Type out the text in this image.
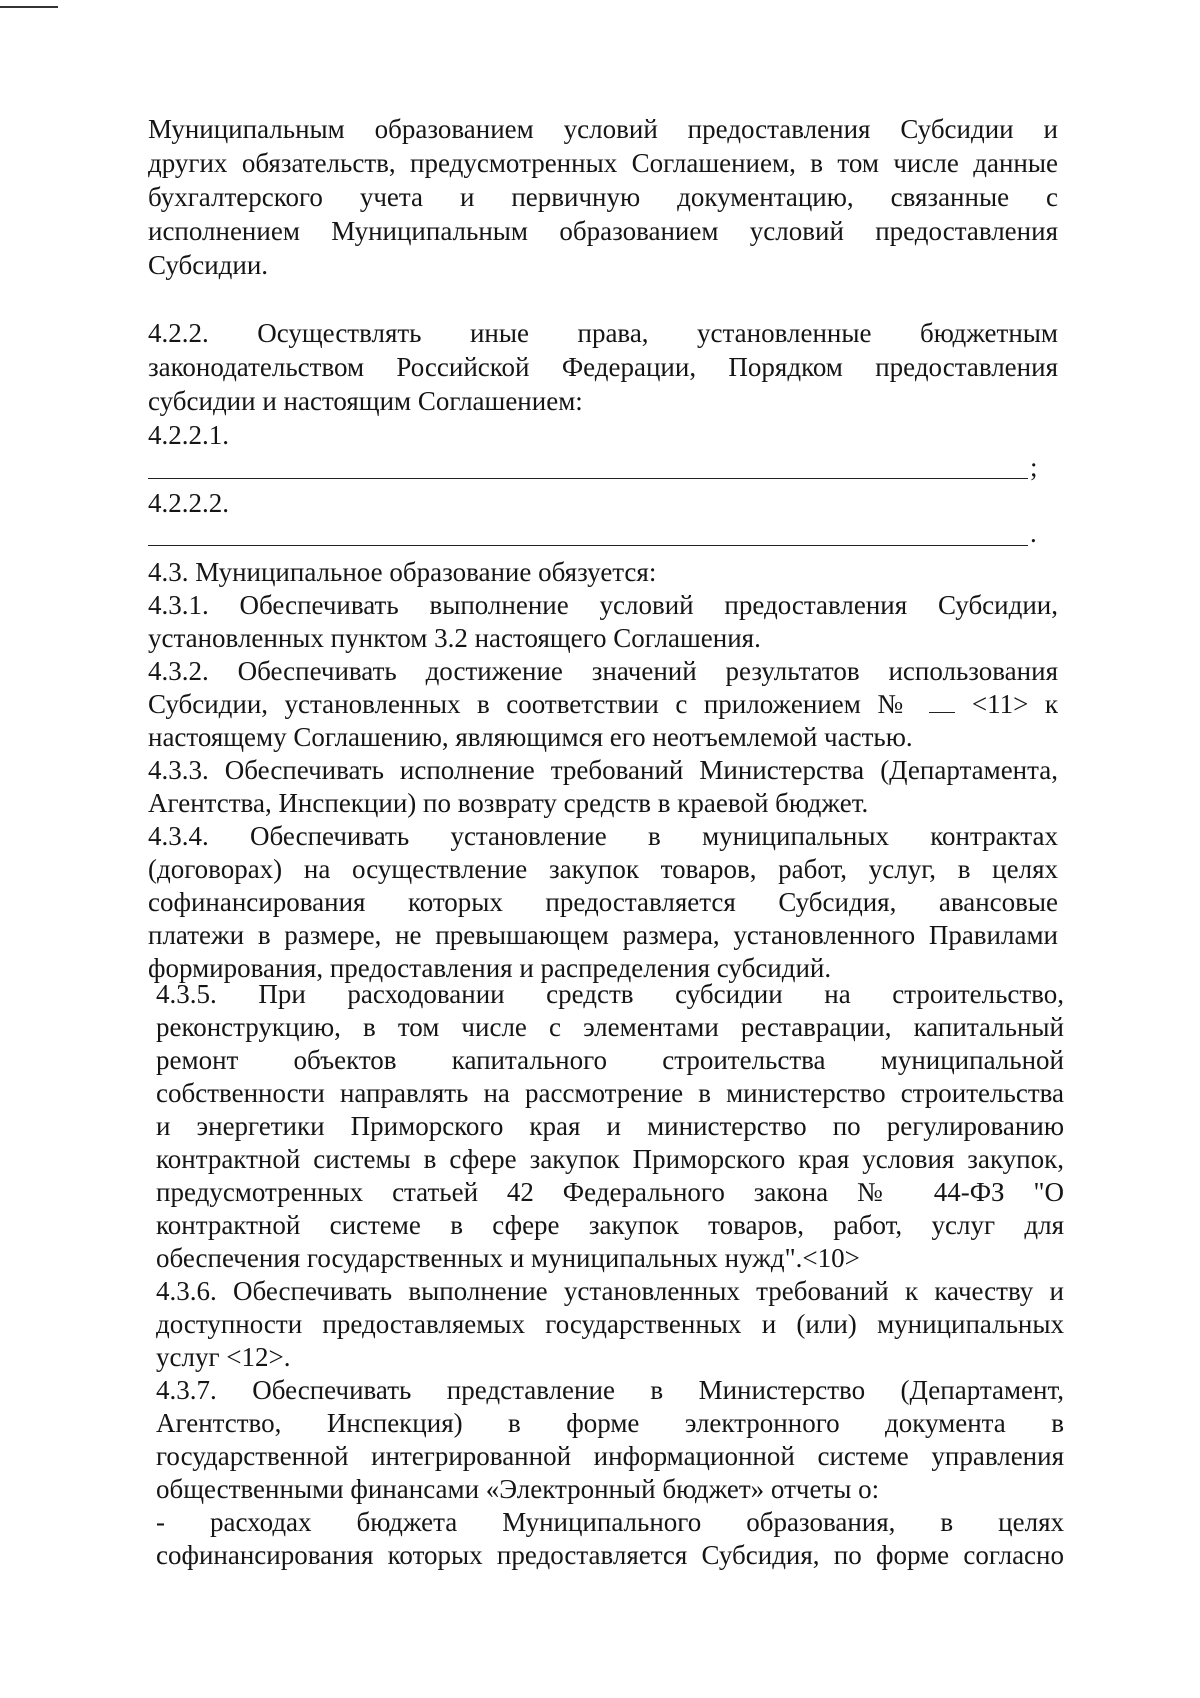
Муниципальным образованием условий предоставления Субсидии и
других обязательств, предусмотренных Соглашением, в том числе данные
бухгалтерского учета и первичную документацию, связанные с
исполнением Муниципальным образованием условий предоставления
Субсидии.
4.2.2. Осуществлять иные права, установленные бюджетным
законодательством Российской Федерации, Порядком предоставления
субсидии и настоящим Соглашением:
4.2.2.1.
;
4.2.2.2.
.
4.3. Муниципальное образование обязуется:
4.3.1. Обеспечивать выполнение условий предоставления Субсидии,
установленных пунктом 3.2 настоящего Соглашения.
4.3.2. Обеспечивать достижение значений результатов использования
Субсидии, установленных в соответствии с приложением № <11> к
настоящему Соглашению, являющимся его неотъемлемой частью.
4.3.3. Обеспечивать исполнение требований Министерства (Департамента,
Агентства, Инспекции) по возврату средств в краевой бюджет.
4.3.4. Обеспечивать установление в муниципальных контрактах
(договорах) на осуществление закупок товаров, работ, услуг, в целях
софинансирования которых предоставляется Субсидия, авансовые
платежи в размере, не превышающем размера, установленного Правилами
формирования, предоставления и распределения субсидий.
4.3.5. При расходовании средств субсидии на строительство,
реконструкцию, в том числе с элементами реставрации, капитальный
ремонт объектов капитального строительства муниципальной
собственности направлять на рассмотрение в министерство строительства
и энергетики Приморского края и министерство по регулированию
контрактной системы в сфере закупок Приморского края условия закупок,
предусмотренных статьей 42 Федерального закона № 44-ФЗ "О
контрактной системе в сфере закупок товаров, работ, услуг для
обеспечения государственных и муниципальных нужд".<10>
4.3.6. Обеспечивать выполнение установленных требований к качеству и
доступности предоставляемых государственных и (или) муниципальных
услуг <12>.
4.3.7. Обеспечивать представление в Министерство (Департамент,
Агентство, Инспекция) в форме электронного документа в
государственной интегрированной информационной системе управления
общественными финансами «Электронный бюджет» отчеты о:
- расходах бюджета Муниципального образования, в целях
софинансирования которых предоставляется Субсидия, по форме согласно
